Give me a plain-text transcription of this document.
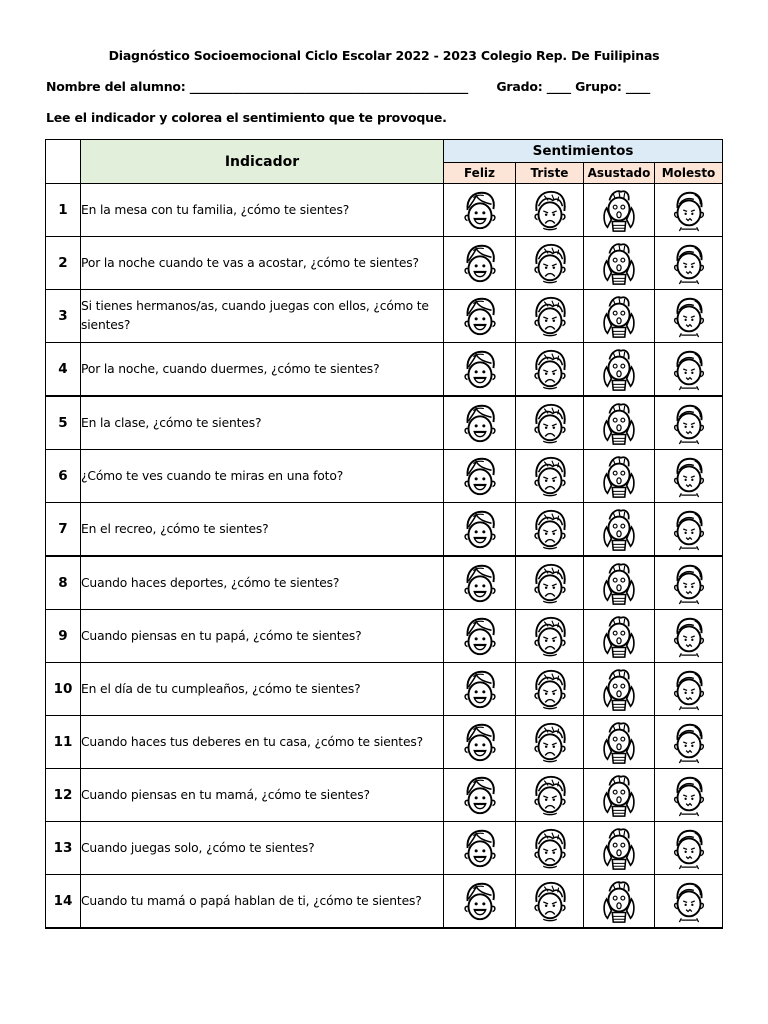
Diagnóstico Socioemocional Ciclo Escolar 2022 - 2023 Colegio Rep. De Fuilipinas
Nombre del alumno: ______________________________________________ Grado: ____ Grupo: ____
Lee el indicador y colorea el sentimiento que te provoque.
	Indicador	Sentimientos			
		Feliz	Triste	Asustado	Molesto
1	En la mesa con tu familia, ¿cómo te sientes?	

2	Por la noche cuando te vas a acostar, ¿cómo te sientes?	

3	Si tienes hermanos/as, cuando juegas con ellos, ¿cómo te sientes?	

4	Por la noche, cuando duermes, ¿cómo te sientes?	

5	En la clase, ¿cómo te sientes?	

6	¿Cómo te ves cuando te miras en una foto?	

7	En el recreo, ¿cómo te sientes?	

8	Cuando haces deportes, ¿cómo te sientes?	

9	Cuando piensas en tu papá, ¿cómo te sientes?	

10	En el día de tu cumpleaños, ¿cómo te sientes?	

11	Cuando haces tus deberes en tu casa, ¿cómo te sientes?	

12	Cuando piensas en tu mamá, ¿cómo te sientes?	

13	Cuando juegas solo, ¿cómo te sientes?	

14	Cuando tu mamá o papá hablan de ti, ¿cómo te sientes?	
